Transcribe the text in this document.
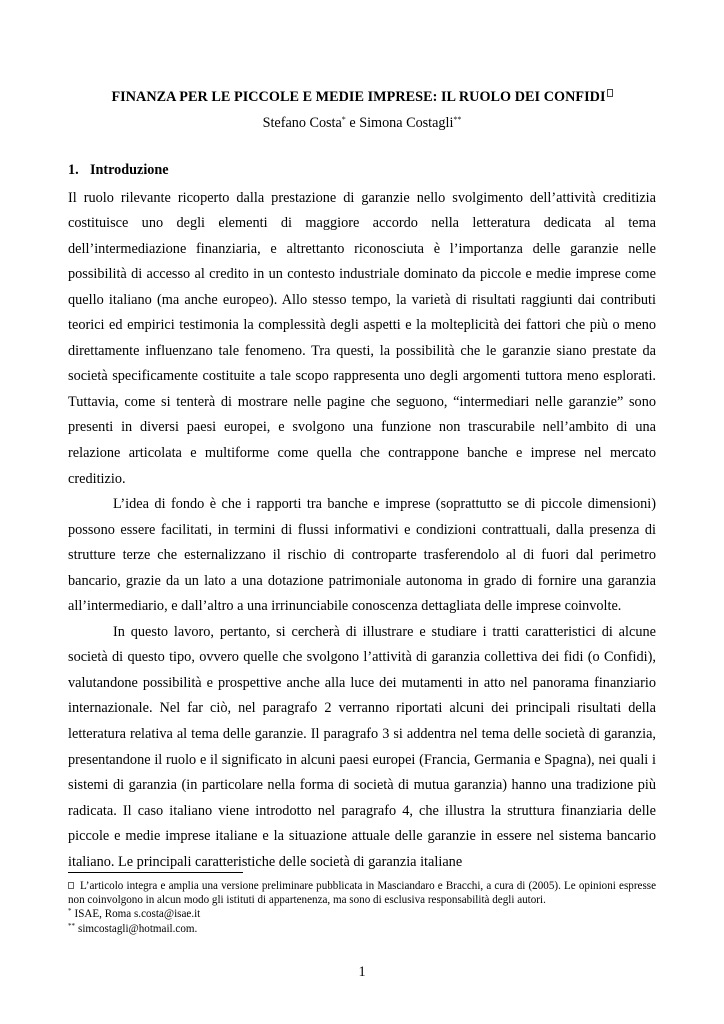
FINANZA PER LE PICCOLE E MEDIE IMPRESE: IL RUOLO DEI CONFIDI
Stefano Costa* e Simona Costagli**
1. Introduzione

Il ruolo rilevante ricoperto dalla prestazione di garanzie nello svolgimento dell’attività creditizia costituisce uno degli elementi di maggiore accordo nella letteratura dedicata al tema dell’intermediazione finanziaria, e altrettanto riconosciuta è l’importanza delle garanzie nelle possibilità di accesso al credito in un contesto industriale dominato da piccole e medie imprese come quello italiano (ma anche europeo). Allo stesso tempo, la varietà di risultati raggiunti dai contributi teorici ed empirici testimonia la complessità degli aspetti e la molteplicità dei fattori che più o meno direttamente influenzano tale fenomeno. Tra questi, la possibilità che le garanzie siano prestate da società specificamente costituite a tale scopo rappresenta uno degli argomenti tuttora meno esplorati. Tuttavia, come si tenterà di mostrare nelle pagine che seguono, “intermediari nelle garanzie” sono presenti in diversi paesi europei, e svolgono una funzione non trascurabile nell’ambito di una relazione articolata e multiforme come quella che contrappone banche e imprese nel mercato creditizio.

L’idea di fondo è che i rapporti tra banche e imprese (soprattutto se di piccole dimensioni) possono essere facilitati, in termini di flussi informativi e condizioni contrattuali, dalla presenza di strutture terze che esternalizzano il rischio di controparte trasferendolo al di fuori dal perimetro bancario, grazie da un lato a una dotazione patrimoniale autonoma in grado di fornire una garanzia all’intermediario, e dall’altro a una irrinunciabile conoscenza dettagliata delle imprese coinvolte.

In questo lavoro, pertanto, si cercherà di illustrare e studiare i tratti caratteristici di alcune società di questo tipo, ovvero quelle che svolgono l’attività di garanzia collettiva dei fidi (o Confidi), valutandone possibilità e prospettive anche alla luce dei mutamenti in atto nel panorama finanziario internazionale. Nel far ciò, nel paragrafo 2 verranno riportati alcuni dei principali risultati della letteratura relativa al tema delle garanzie. Il paragrafo 3 si addentra nel tema delle società di garanzia, presentandone il ruolo e il significato in alcuni paesi europei (Francia, Germania e Spagna), nei quali i sistemi di garanzia (in particolare nella forma di società di mutua garanzia) hanno una tradizione più radicata. Il caso italiano viene introdotto nel paragrafo 4, che illustra la struttura finanziaria delle piccole e medie imprese italiane e la situazione attuale delle garanzie in essere nel sistema bancario italiano. Le principali caratteristiche delle società di garanzia italiane

L’articolo integra e amplia una versione preliminare pubblicata in Masciandaro e Bracchi, a cura di (2005). Le opinioni espresse non coinvolgono in alcun modo gli istituti di appartenenza, ma sono di esclusiva responsabilità degli autori.

* ISAE, Roma s.costa@isae.it

** simcostagli@hotmail.com.

1
